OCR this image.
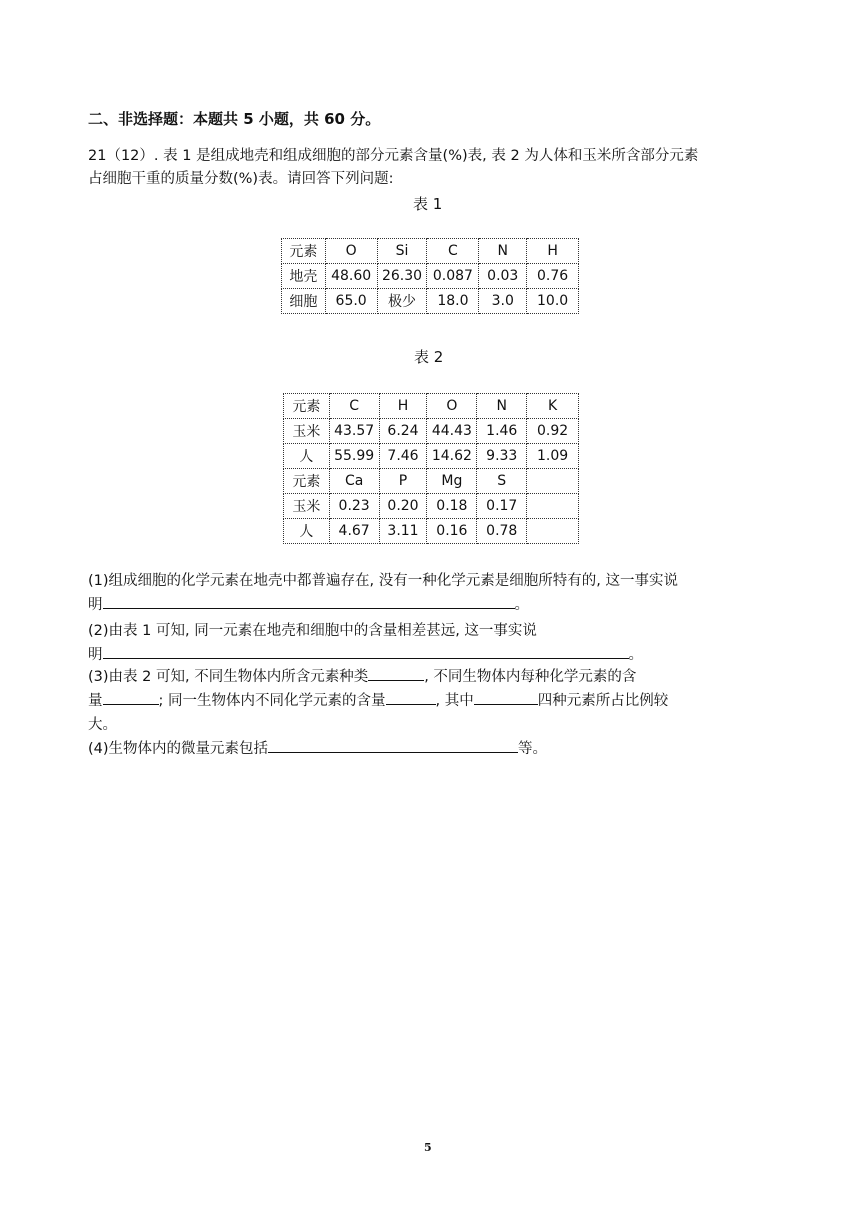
二、非选择题：本题共 5 小题，共 60 分。
21（12）. 表 1 是组成地壳和组成细胞的部分元素含量(%)表, 表 2 为人体和玉米所含部分元素
占细胞干重的质量分数(%)表。请回答下列问题:
表 1
元素	O	Si	C	N	H
地壳	48.60	26.30	0.087	0.03	0.76
细胞	65.0	极少	18.0	3.0	10.0
表 2
元素	C	H	O	N	K
玉米	43.57	6.24	44.43	1.46	0.92
人	55.99	7.46	14.62	9.33	1.09
元素	Ca	P	Mg	S	
玉米	0.23	0.20	0.18	0.17	
人	4.67	3.11	0.16	0.78	
(1)组成细胞的化学元素在地壳中都普遍存在, 没有一种化学元素是细胞所特有的, 这一事实说
明	。
(2)由表 1 可知, 同一元素在地壳和细胞中的含量相差甚远, 这一事实说
明	。
(3)由表 2 可知, 不同生物体内所含元素种类	, 不同生物体内每种化学元素的含
量	; 同一生物体内不同化学元素的含量	, 其中	四种元素所占比例较
大。
(4)生物体内的微量元素包括	等。
5
